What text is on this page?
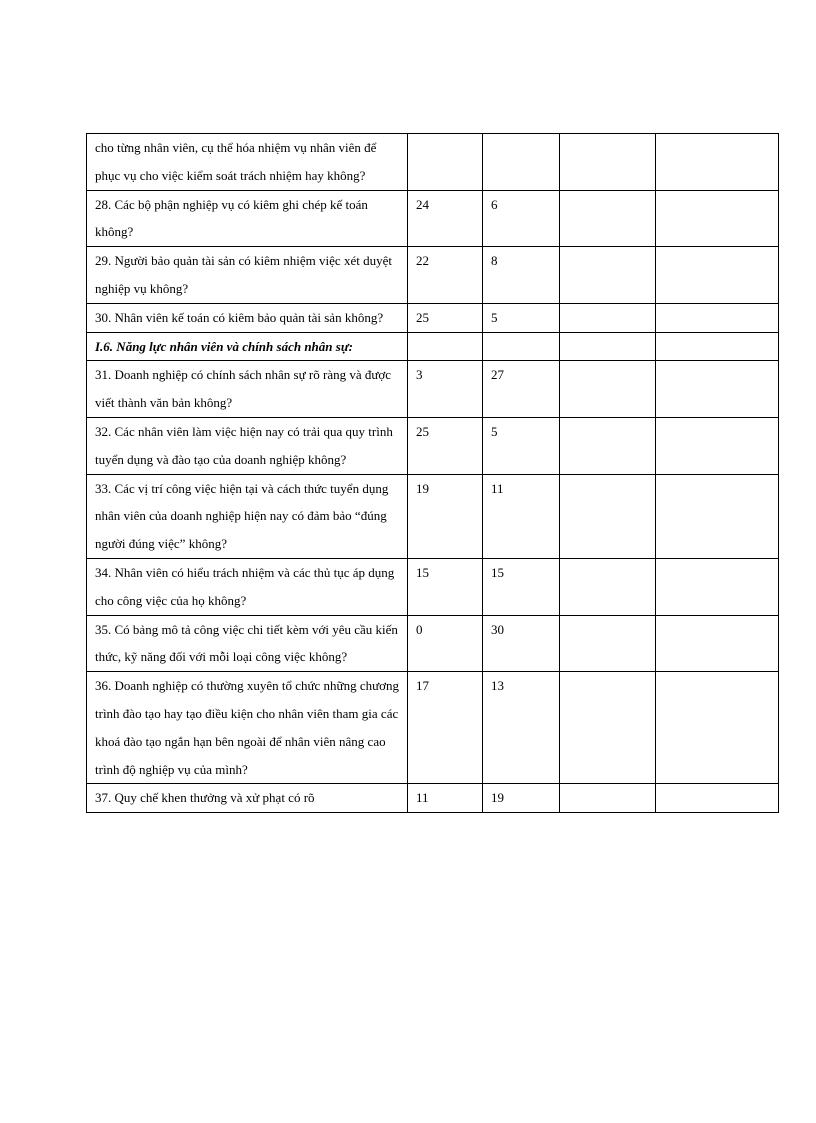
cho từng nhân viên, cụ thể hóa nhiệm vụ nhân viên để phục vụ cho việc kiểm soát trách nhiệm hay không?				

28. Các bộ phận nghiệp vụ có kiêm ghi chép kế toán không?	24	6		

29. Người bảo quản tài sản có kiêm nhiệm việc xét duyệt nghiệp vụ không?	22	8		

30. Nhân viên kế toán có kiêm bảo quản tài sản không?	25	5		

I.6. Năng lực nhân viên và chính sách nhân sự:				

31. Doanh nghiệp có chính sách nhân sự rõ ràng và được viết thành văn bản không?	3	27		

32. Các nhân viên làm việc hiện nay có trải qua quy trình tuyển dụng và đào tạo của doanh nghiệp không?	25	5		

33. Các vị trí công việc hiện tại và cách thức tuyển dụng nhân viên của doanh nghiệp hiện nay có đảm bảo “đúng người đúng việc” không?	19	11		

34. Nhân viên có hiểu trách nhiệm và các thủ tục áp dụng cho công việc của họ không?	15	15		

35. Có bảng mô tả công việc chi tiết kèm với yêu cầu kiến thức, kỹ năng đối với mỗi loại công việc không?	0	30		

36. Doanh nghiệp có thường xuyên tổ chức những chương trình đào tạo hay tạo điều kiện cho nhân viên tham gia các khoá đào tạo ngắn hạn bên ngoài để nhân viên nâng cao trình độ nghiệp vụ của mình?	17	13		

37. Quy chế khen thưởng và xử phạt có rõ	11	19		
